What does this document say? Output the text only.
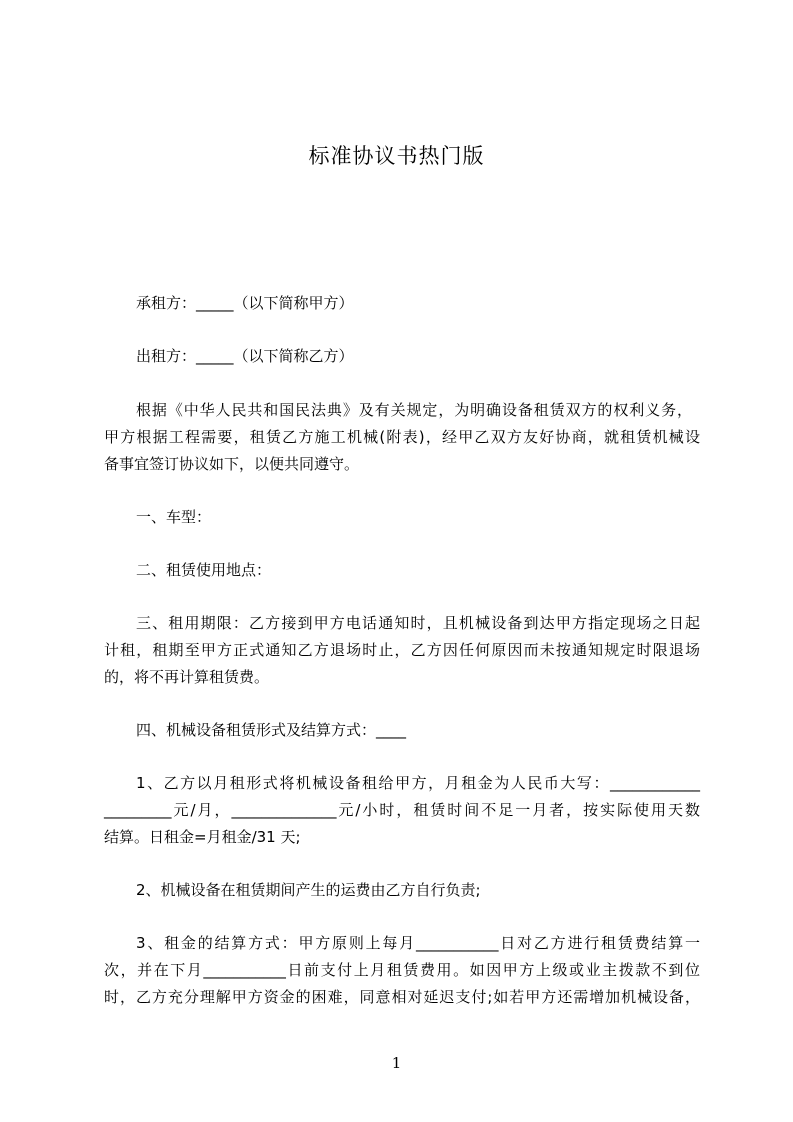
标准协议书热门版
承租方：_____（以下简称甲方）
出租方：_____（以下简称乙方）
根据《中华人民共和国民法典》及有关规定，为明确设备租赁双方的权利义务，
甲方根据工程需要，租赁乙方施工机械(附表)，经甲乙双方友好协商，就租赁机械设
备事宜签订协议如下，以便共同遵守。
一、车型：
二、租赁使用地点：
三、租用期限：乙方接到甲方电话通知时，且机械设备到达甲方指定现场之日起
计租，租期至甲方正式通知乙方退场时止，乙方因任何原因而未按通知规定时限退场
的，将不再计算租赁费。
四、机械设备租赁形式及结算方式：____
1、乙方以月租形式将机械设备租给甲方，月租金为人民币大写：____________
_________元/月，______________元/小时，租赁时间不足一月者，按实际使用天数
结算。日租金=月租金/31 天;
2、机械设备在租赁期间产生的运费由乙方自行负责;
3、租金的结算方式：甲方原则上每月___________日对乙方进行租赁费结算一
次，并在下月___________日前支付上月租赁费用。如因甲方上级或业主拨款不到位
时，乙方充分理解甲方资金的困难，同意相对延迟支付;如若甲方还需增加机械设备，
1
